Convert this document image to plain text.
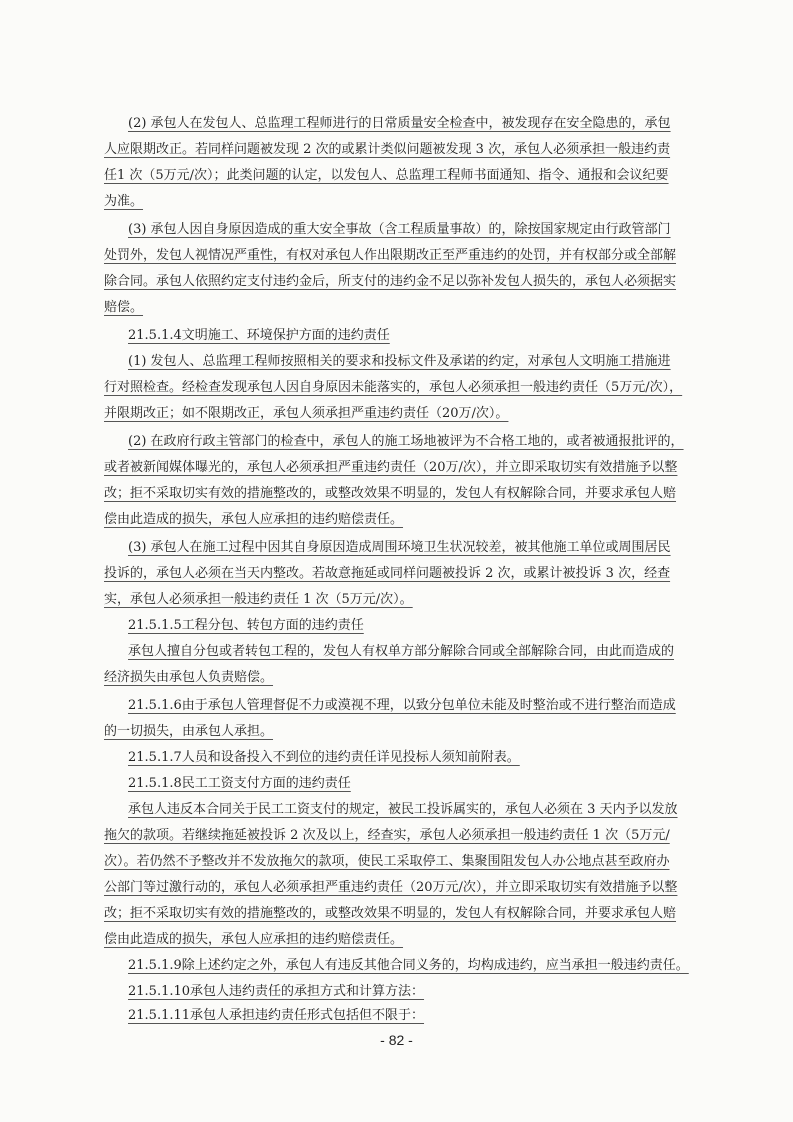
(2) 承包人在发包人、总监理工程师进行的日常质量安全检查中，被发现存在安全隐患的，承包
人应限期改正。若同样问题被发现 2 次的或累计类似问题被发现 3 次，承包人必须承担一般违约责
任1 次（5万元/次）；此类问题的认定，以发包人、总监理工程师书面通知、指令、通报和会议纪要
为准。
(3) 承包人因自身原因造成的重大安全事故（含工程质量事故）的，除按国家规定由行政管部门
处罚外，发包人视情况严重性，有权对承包人作出限期改正至严重违约的处罚，并有权部分或全部解
除合同。承包人依照约定支付违约金后，所支付的违约金不足以弥补发包人损失的，承包人必须据实
赔偿。
21.5.1.4文明施工、环境保护方面的违约责任
(1) 发包人、总监理工程师按照相关的要求和投标文件及承诺的约定，对承包人文明施工措施进
行对照检查。经检查发现承包人因自身原因未能落实的，承包人必须承担一般违约责任（5万元/次），
并限期改正；如不限期改正，承包人须承担严重违约责任（20万/次）。
(2) 在政府行政主管部门的检查中，承包人的施工场地被评为不合格工地的，或者被通报批评的，
或者被新闻媒体曝光的，承包人必须承担严重违约责任（20万/次），并立即采取切实有效措施予以整
改；拒不采取切实有效的措施整改的，或整改效果不明显的，发包人有权解除合同，并要求承包人赔
偿由此造成的损失，承包人应承担的违约赔偿责任。
(3) 承包人在施工过程中因其自身原因造成周围环境卫生状况较差，被其他施工单位或周围居民
投诉的，承包人必须在当天内整改。若故意拖延或同样问题被投诉 2 次，或累计被投诉 3 次，经查
实，承包人必须承担一般违约责任 1 次（5万元/次）。
21.5.1.5工程分包、转包方面的违约责任
承包人擅自分包或者转包工程的，发包人有权单方部分解除合同或全部解除合同，由此而造成的
经济损失由承包人负责赔偿。
21.5.1.6由于承包人管理督促不力或漠视不理，以致分包单位未能及时整治或不进行整治而造成
的一切损失，由承包人承担。
21.5.1.7人员和设备投入不到位的违约责任详见投标人须知前附表。
21.5.1.8民工工资支付方面的违约责任
承包人违反本合同关于民工工资支付的规定，被民工投诉属实的，承包人必须在 3 天内予以发放
拖欠的款项。若继续拖延被投诉 2 次及以上，经查实，承包人必须承担一般违约责任 1 次（5万元/
次）。若仍然不予整改并不发放拖欠的款项，使民工采取停工、集聚围阻发包人办公地点甚至政府办
公部门等过激行动的，承包人必须承担严重违约责任（20万元/次），并立即采取切实有效措施予以整
改；拒不采取切实有效的措施整改的，或整改效果不明显的，发包人有权解除合同，并要求承包人赔
偿由此造成的损失，承包人应承担的违约赔偿责任。
21.5.1.9除上述约定之外，承包人有违反其他合同义务的，均构成违约，应当承担一般违约责任。
21.5.1.10承包人违约责任的承担方式和计算方法：
21.5.1.11承包人承担违约责任形式包括但不限于：
- 82 -
